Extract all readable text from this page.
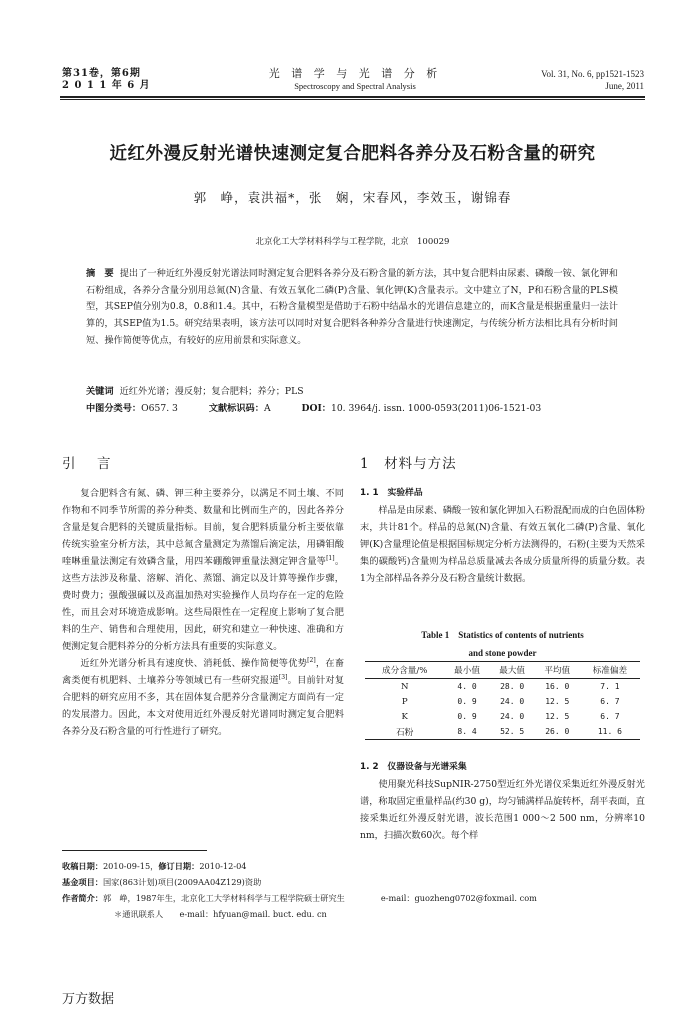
第31卷，第6期
2 0 1 1 年 6 月
光 谱 学 与 光 谱 分 析
Spectroscopy and Spectral Analysis
Vol. 31, No. 6, pp1521-1523
June, 2011
近红外漫反射光谱快速测定复合肥料各养分及石粉含量的研究
郭　峥，袁洪福*，张　娴，宋春风，李效玉，谢锦春
北京化工大学材料科学与工程学院，北京　100029
摘　要 提出了一种近红外漫反射光谱法同时测定复合肥料各养分及石粉含量的新方法，其中复合肥料由尿素、磷酸一铵、氯化钾和石粉组成，各养分含量分别用总氮(N)含量、有效五氧化二磷(P)含量、氧化钾(K)含量表示。文中建立了N，P和石粉含量的PLS模型，其SEP值分别为0.8，0.8和1.4。其中，石粉含量模型是借助于石粉中结晶水的光谱信息建立的，而K含量是根据重量归一法计算的，其SEP值为1.5。研究结果表明，该方法可以同时对复合肥料各种养分含量进行快速测定，与传统分析方法相比具有分析时间短、操作简便等优点，有较好的应用前景和实际意义。
关键词 近红外光谱；漫反射；复合肥料；养分；PLS
中图分类号：O657. 3	文献标识码：A	DOI：10. 3964/j. issn. 1000-0593(2011)06-1521-03
引　言	1　材料与方法

复合肥料含有氮、磷、钾三种主要养分，以满足不同土壤、不同作物和不同季节所需的养分种类、数量和比例而生产的，因此各养分含量是复合肥料的关键质量指标。目前，复合肥料质量分析主要依靠传统实验室分析方法，其中总氮含量测定为蒸馏后滴定法，用磷钼酸喹啉重量法测定有效磷含量，用四苯硼酸钾重量法测定钾含量等[1]。这些方法涉及称量、溶解、消化、蒸馏、滴定以及计算等操作步骤，费时费力；强酸强碱以及高温加热对实验操作人员均存在一定的危险性，而且会对环境造成影响。这些局限性在一定程度上影响了复合肥料的生产、销售和合理使用，因此，研究和建立一种快速、准确和方便测定复合肥料养分的分析方法具有重要的实际意义。

近红外光谱分析具有速度快、消耗低、操作简便等优势[2]，在畜禽类便有机肥料、土壤养分等领域已有一些研究报道[3]。目前针对复合肥料的研究应用不多，其在固体复合肥养分含量测定方面尚有一定的发展潜力。因此，本文对使用近红外漫反射光谱同时测定复合肥料各养分及石粉含量的可行性进行了研究。

1. 1　实验样品

样品是由尿素、磷酸一铵和氯化钾加入石粉混配而成的白色固体粉末，共计81个。样品的总氮(N)含量、有效五氧化二磷(P)含量、氧化钾(K)含量理论值是根据国标规定分析方法测得的，石粉(主要为天然采集的碳酸钙)含量则为样品总质量减去各成分质量所得的质量分数。表1为全部样品各养分及石粉含量统计数据。

Table 1　Statistics of contents of nutrients
and stone powder
成分含量/%	最小值	最大值	平均值	标准偏差
N	4. 0	28. 0	16. 0	7. 1
P	0. 9	24. 0	12. 5	6. 7
K	0. 9	24. 0	12. 5	6. 7
石粉	8. 4	52. 5	26. 0	11. 6

1. 2　仪器设备与光谱采集

使用聚光科技SupNIR-2750型近红外光谱仪采集近红外漫反射光谱，称取固定重量样品(约30 g)，均匀铺满样品旋转杯，刮平表面，直接采集近红外漫反射光谱，波长范围1 000～2 500 nm，分辨率10 nm，扫描次数60次。每个样

收稿日期：2010-09-15，修订日期：2010-12-04
基金项目：国家(863计划)项目(2009AA04Z129)资助
作者简介：郭　峥，1987年生，北京化工大学材料科学与工程学院硕士研究生	e-mail：guozheng0702@foxmail. com
＊通讯联系人　　e-mail：hfyuan@mail. buct. edu. cn
万方数据
